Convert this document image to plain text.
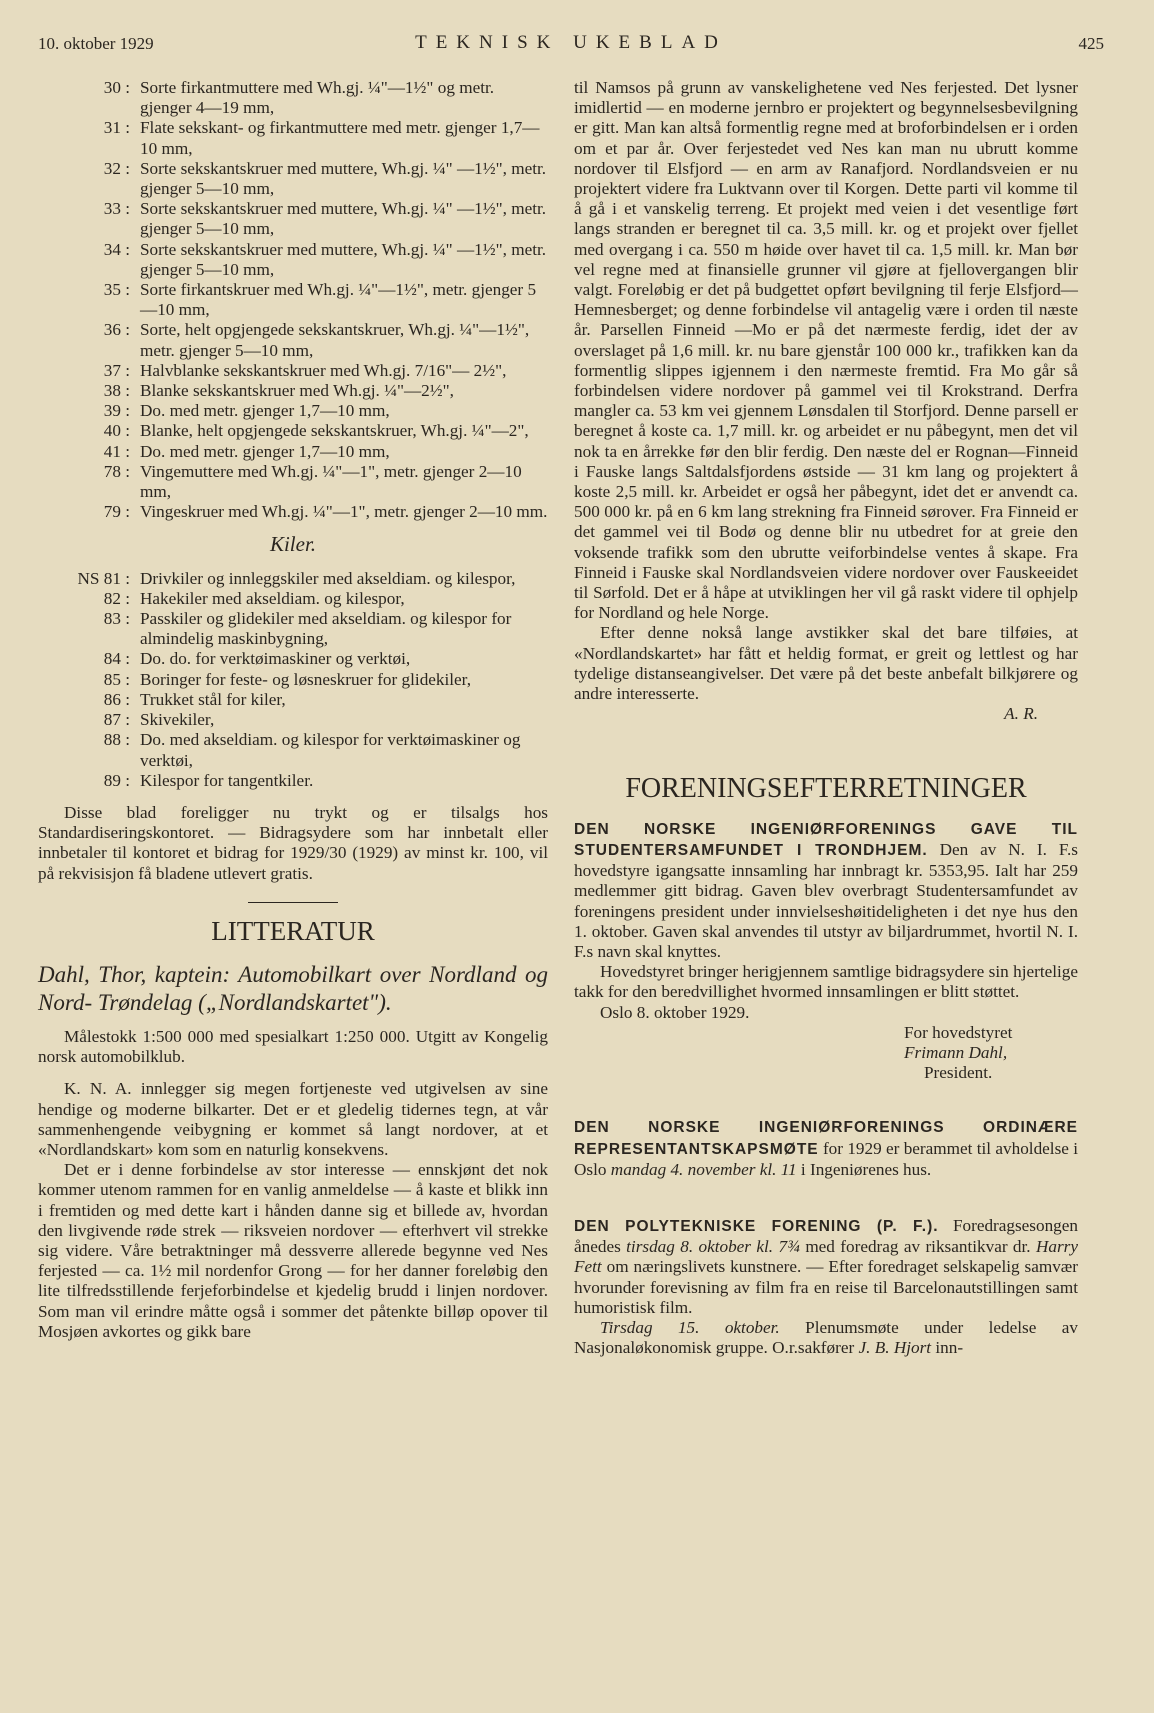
10. oktober 1929	TEKNISK UKEBLAD	425
30 : Sorte firkantmuttere med Wh.gj. ¼"—1½" og metr. gjenger 4—19 mm,
31 : Flate sekskant- og firkantmuttere med metr. gjenger 1,7—10 mm,
32 : Sorte sekskantskruer med muttere, Wh.gj. ¼" —1½", metr. gjenger 5—10 mm,
33 : Sorte sekskantskruer med muttere, Wh.gj. ¼" —1½", metr. gjenger 5—10 mm,
34 : Sorte sekskantskruer med muttere, Wh.gj. ¼" —1½", metr. gjenger 5—10 mm,
35 : Sorte firkantskruer med Wh.gj. ¼"—1½", metr. gjenger 5—10 mm,
36 : Sorte, helt opgjengede sekskantskruer, Wh.gj. ¼"—1½", metr. gjenger 5—10 mm,
37 : Halvblanke sekskantskruer med Wh.gj. 7/16"— 2½",
38 : Blanke sekskantskruer med Wh.gj. ¼"—2½",
39 : Do. med metr. gjenger 1,7—10 mm,
40 : Blanke, helt opgjengede sekskantskruer, Wh.gj. ¼"—2",
41 : Do. med metr. gjenger 1,7—10 mm,
78 : Vingemuttere med Wh.gj. ¼"—1", metr. gjenger 2—10 mm,
79 : Vingeskruer med Wh.gj. ¼"—1", metr. gjenger 2—10 mm.
Kiler.
NS 81 : Drivkiler og innleggskiler med akseldiam. og kilespor,
82 : Hakekiler med akseldiam. og kilespor,
83 : Passkiler og glidekiler med akseldiam. og kilespor for almindelig maskinbygning,
84 : Do. do. for verktøimaskiner og verktøi,
85 : Boringer for feste- og løsneskruer for glidekiler,
86 : Trukket stål for kiler,
87 : Skivekiler,
88 : Do. med akseldiam. og kilespor for verktøimaskiner og verktøi,
89 : Kilespor for tangentkiler.

Disse blad foreligger nu trykt og er tilsalgs hos Standardiseringskontoret. — Bidragsydere som har innbetalt eller innbetaler til kontoret et bidrag for 1929/30 (1929) av minst kr. 100, vil på rekvisisjon få bladene utlevert gratis.

LITTERATUR

Dahl, Thor, kaptein: Automobilkart over Nordland og Nord- Trøndelag („Nordlandskartet").

Målestokk 1:500 000 med spesialkart 1:250 000. Utgitt av Kongelig norsk automobilklub.

K. N. A. innlegger sig megen fortjeneste ved utgivelsen av sine hendige og moderne bilkarter. Det er et gledelig tidernes tegn, at vår sammenhengende veibygning er kommet så langt nordover, at et «Nordlandskart» kom som en naturlig konsekvens.

Det er i denne forbindelse av stor interesse — ennskjønt det nok kommer utenom rammen for en vanlig anmeldelse — å kaste et blikk inn i fremtiden og med dette kart i hånden danne sig et billede av, hvordan den livgivende røde strek — riksveien nordover — efterhvert vil strekke sig videre. Våre betraktninger må dessverre allerede begynne ved Nes ferjested — ca. 1½ mil nordenfor Grong — for her danner foreløbig den lite tilfredsstillende ferjeforbindelse et kjedelig brudd i linjen nordover. Som man vil erindre måtte også i sommer det påtenkte billøp opover til Mosjøen avkortes og gikk bare

til Namsos på grunn av vanskelighetene ved Nes ferjested. Det lysner imidlertid — en moderne jernbro er projektert og begynnelsesbevilgning er gitt. Man kan altså formentlig regne med at broforbindelsen er i orden om et par år. Over ferjestedet ved Nes kan man nu ubrutt komme nordover til Elsfjord — en arm av Ranafjord. Nordlandsveien er nu projektert videre fra Luktvann over til Korgen. Dette parti vil komme til å gå i et vanskelig terreng. Et projekt med veien i det vesentlige ført langs stranden er beregnet til ca. 3,5 mill. kr. og et projekt over fjellet med overgang i ca. 550 m høide over havet til ca. 1,5 mill. kr. Man bør vel regne med at finansielle grunner vil gjøre at fjellovergangen blir valgt. Foreløbig er det på budgettet opført bevilgning til ferje Elsfjord—Hemnesberget; og denne forbindelse vil antagelig være i orden til næste år. Parsellen Finneid —Mo er på det nærmeste ferdig, idet der av overslaget på 1,6 mill. kr. nu bare gjenstår 100 000 kr., trafikken kan da formentlig slippes igjennem i den nærmeste fremtid. Fra Mo går så forbindelsen videre nordover på gammel vei til Krokstrand. Derfra mangler ca. 53 km vei gjennem Lønsdalen til Storfjord. Denne parsell er beregnet å koste ca. 1,7 mill. kr. og arbeidet er nu påbegynt, men det vil nok ta en årrekke før den blir ferdig. Den næste del er Rognan—Finneid i Fauske langs Saltdalsfjordens østside — 31 km lang og projektert å koste 2,5 mill. kr. Arbeidet er også her påbegynt, idet det er anvendt ca. 500 000 kr. på en 6 km lang strekning fra Finneid sørover. Fra Finneid er det gammel vei til Bodø og denne blir nu utbedret for at greie den voksende trafikk som den ubrutte veiforbindelse ventes å skape. Fra Finneid i Fauske skal Nordlandsveien videre nordover over Fauskeeidet til Sørfold. Det er å håpe at utviklingen her vil gå raskt videre til ophjelp for Nordland og hele Norge.

Efter denne nokså lange avstikker skal det bare tilføies, at «Nordlandskartet» har fått et heldig format, er greit og lettlest og har tydelige distanseangivelser. Det være på det beste anbefalt bilkjørere og andre interesserte.

A. R.
FORENINGSEFTERRETNINGER

DEN NORSKE INGENIØRFORENINGS GAVE TIL STUDENTERSAMFUNDET I TRONDHJEM. Den av N. I. F.s hovedstyre igangsatte innsamling har innbragt kr. 5353,95. Ialt har 259 medlemmer gitt bidrag. Gaven blev overbragt Studentersamfundet av foreningens president under innvielseshøitideligheten i det nye hus den 1. oktober. Gaven skal anvendes til utstyr av biljardrummet, hvortil N. I. F.s navn skal knyttes.

Hovedstyret bringer herigjennem samtlige bidragsydere sin hjertelige takk for den beredvillighet hvormed innsamlingen er blitt støttet.

Oslo 8. oktober 1929.

For hovedstyret
Frimann Dahl,
President.

DEN NORSKE INGENIØRFORENINGS ORDINÆRE REPRESENTANTSKAPSMØTE for 1929 er berammet til avholdelse i Oslo mandag 4. november kl. 11 i Ingeniørenes hus.

DEN POLYTEKNISKE FORENING (P. F.). Foredragsesongen ånedes tirsdag 8. oktober kl. 7¾ med foredrag av riksantikvar dr. Harry Fett om næringslivets kunstnere. — Efter foredraget selskapelig samvær hvorunder forevisning av film fra en reise til Barcelonautstillingen samt humoristisk film.

Tirsdag 15. oktober. Plenumsmøte under ledelse av Nasjonaløkonomisk gruppe. O.r.sakfører J. B. Hjort inn-
